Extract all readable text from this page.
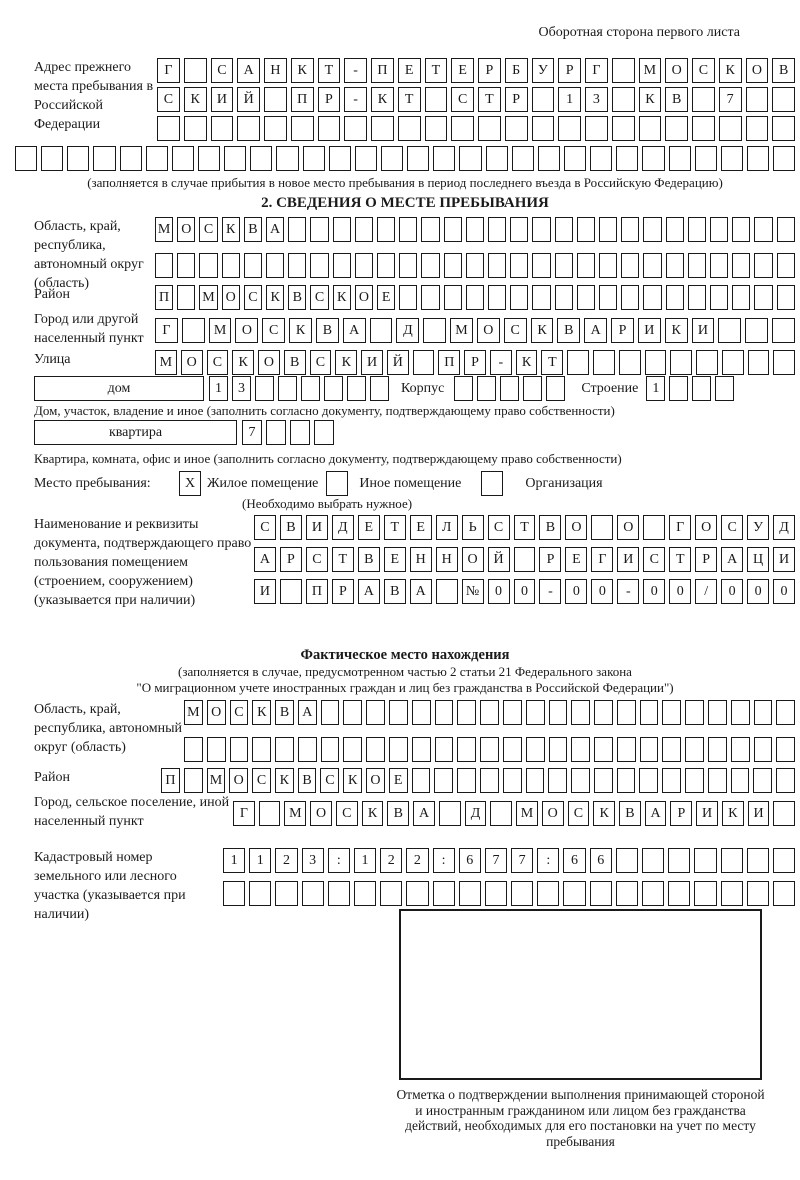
Оборотная сторона первого листа
Адрес прежнего места пребывания в Российской Федерации
Г	С	А	Н	К	Т	-	П	Е	Т	Е	Р	Б	У	Р	Г	М	О	С	К	О	В
С	К	И	Й	П	Р	-	К	Т	С	Т	Р	1	3	К	В	7
(заполняется в случае прибытия в новое место пребывания в период последнего въезда в Российскую Федерацию)
2. СВЕДЕНИЯ О МЕСТЕ ПРЕБЫВАНИЯ
Область, край, республика, автономный округ (область)
М О С К В А
Район	П М О С К В С К О Е
Город или другой населенный пункт
Г	М	О	С	К	В	А	Д	М	О	С	К	В	А	Р	И	К	И
Улица	М	О	С	К	О	В	С	К	И	Й	П	Р	-	К	Т
дом	1	3	Корпус	Строение	1
Дом, участок, владение и иное (заполнить согласно документу, подтверждающему право собственности)
квартира	7
Квартира, комната, офис и иное (заполнить согласно документу, подтверждающему право собственности)
Место пребывания:	X Жилое помещение	Иное помещение	Организация
(Необходимо выбрать нужное)
Наименование и реквизиты документа, подтверждающего право пользования помещением (строением, сооружением) (указывается при наличии)
С	В	И	Д	Е	Т	Е	Л	Ь	С	Т	В	О	О	Г	О	С	У	Д
А	Р	С	Т	В	Е	Н	Н	О	Й	Р	Е	Г	И	С	Т	Р	А	Ц	И
И	П	Р	А	В	А	№	0	0	-	0	0	-	0	0	/	0	0	0
Фактическое место нахождения
(заполняется в случае, предусмотренном частью 2 статьи 21 Федерального закона
"О миграционном учете иностранных граждан и лиц без гражданства в Российской Федерации")
Область, край, республика, автономный округ (область)
М О С К В А
Район	П	М О С К В С К О Е
Город, сельское поселение, иной населенный пункт
Г	М	О	С	К	В	А	Д	М	О	С	К	В	А	Р	И	К	И
Кадастровый номер земельного или лесного участка (указывается при наличии)
1	1	2	3	:	1	2	2	:	6	7	7	:	6	6
Отметка о подтверждении выполнения принимающей стороной и иностранным гражданином или лицом без гражданства действий, необходимых для его постановки на учет по месту пребывания
